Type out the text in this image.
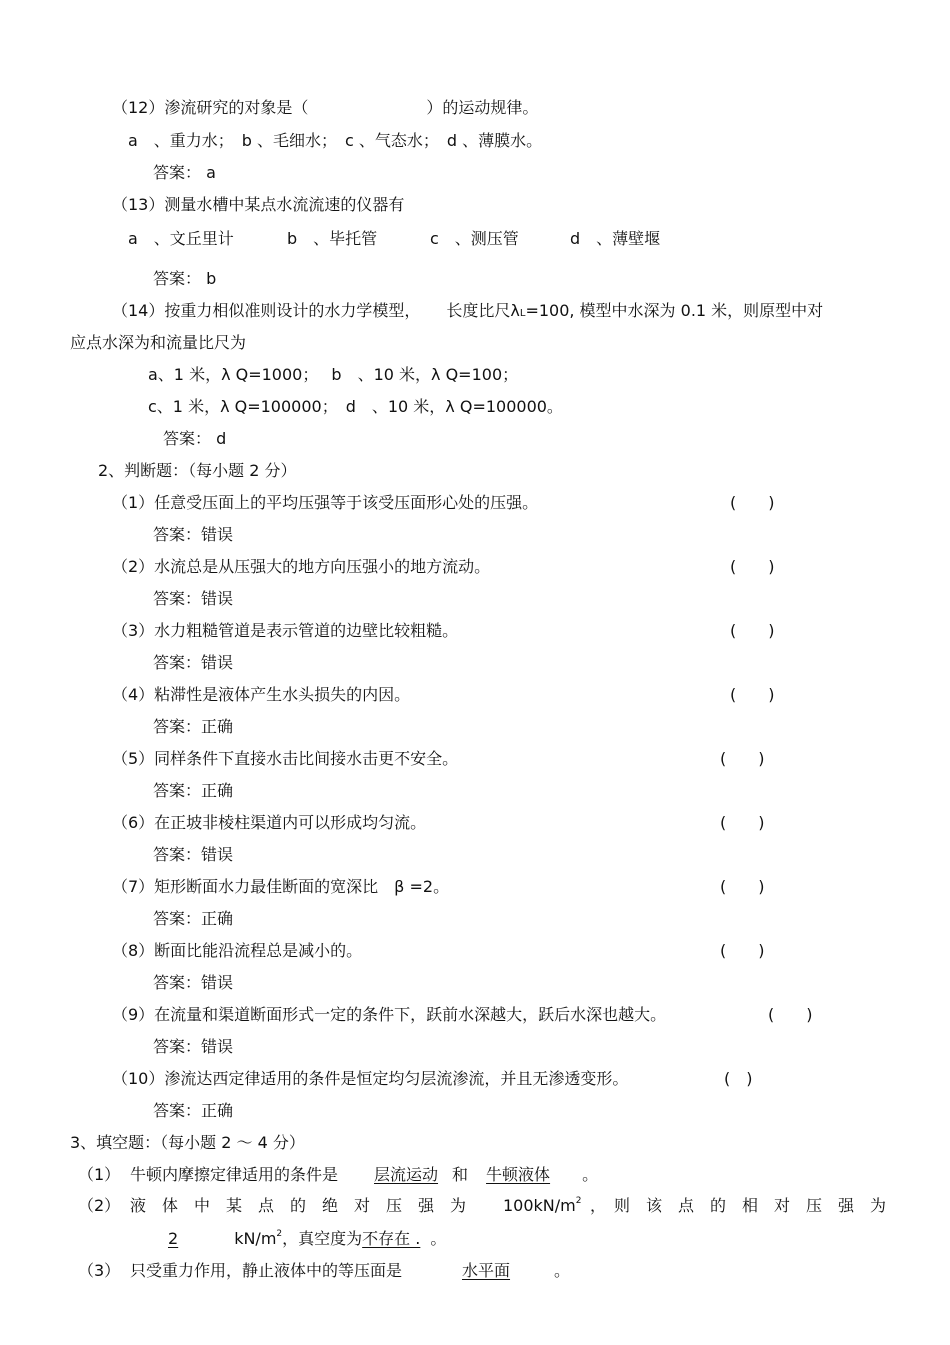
（12）渗流研究的对象是（	）的运动规律。
a　、重力水；　b 、毛细水；　c 、气态水；　d 、薄膜水。
答案： a
（13）测量水槽中某点水流流速的仪器有
a　、文丘里计	b　、毕托管	c　、测压管	d　、薄壁堰
答案： b
（14）按重力相似准则设计的水力学模型， 长度比尺λL=100, 模型中水深为 0.1 米，则原型中对
应点水深为和流量比尺为
a、1 米，λ Q=1000；　 b　、10 米，λ Q=100；
c、1 米，λ Q=100000；　d　、10 米，λ Q=100000。
答案： d
2、判断题：（每小题 2 分）
（1）任意受压面上的平均压强等于该受压面形心处的压强。	(　　)
答案：错误
（2）水流总是从压强大的地方向压强小的地方流动。	(　　)
答案：错误
（3）水力粗糙管道是表示管道的边壁比较粗糙。	(　　)
答案：错误
（4）粘滞性是液体产生水头损失的内因。	(　　)
答案：正确
（5）同样条件下直接水击比间接水击更不安全。	(　　)
答案：正确
（6）在正坡非棱柱渠道内可以形成均匀流。	(　　)
答案：错误
（7）矩形断面水力最佳断面的宽深比　β =2。	(　　)
答案：正确
（8）断面比能沿流程总是减小的。	(　　)
答案：错误
（9）在流量和渠道断面形式一定的条件下，跃前水深越大，跃后水深也越大。	(　　)
答案：错误
（10）渗流达西定律适用的条件是恒定均匀层流渗流，并且无渗透变形。	(　)
答案：正确
3、填空题：（每小题 2 ～ 4 分）
（1） 牛顿内摩擦定律适用的条件是 层流运动 和 牛顿液体 。
（2） 液　体　中　某　点　的　绝　对　压　强　为 $100kN/m^2$ ，　则　该　点　的　相　对　压　强　为
2	$kN/m^2$，真空度为不存在 . 。
（3） 只受重力作用，静止液体中的等压面是	水平面	。
